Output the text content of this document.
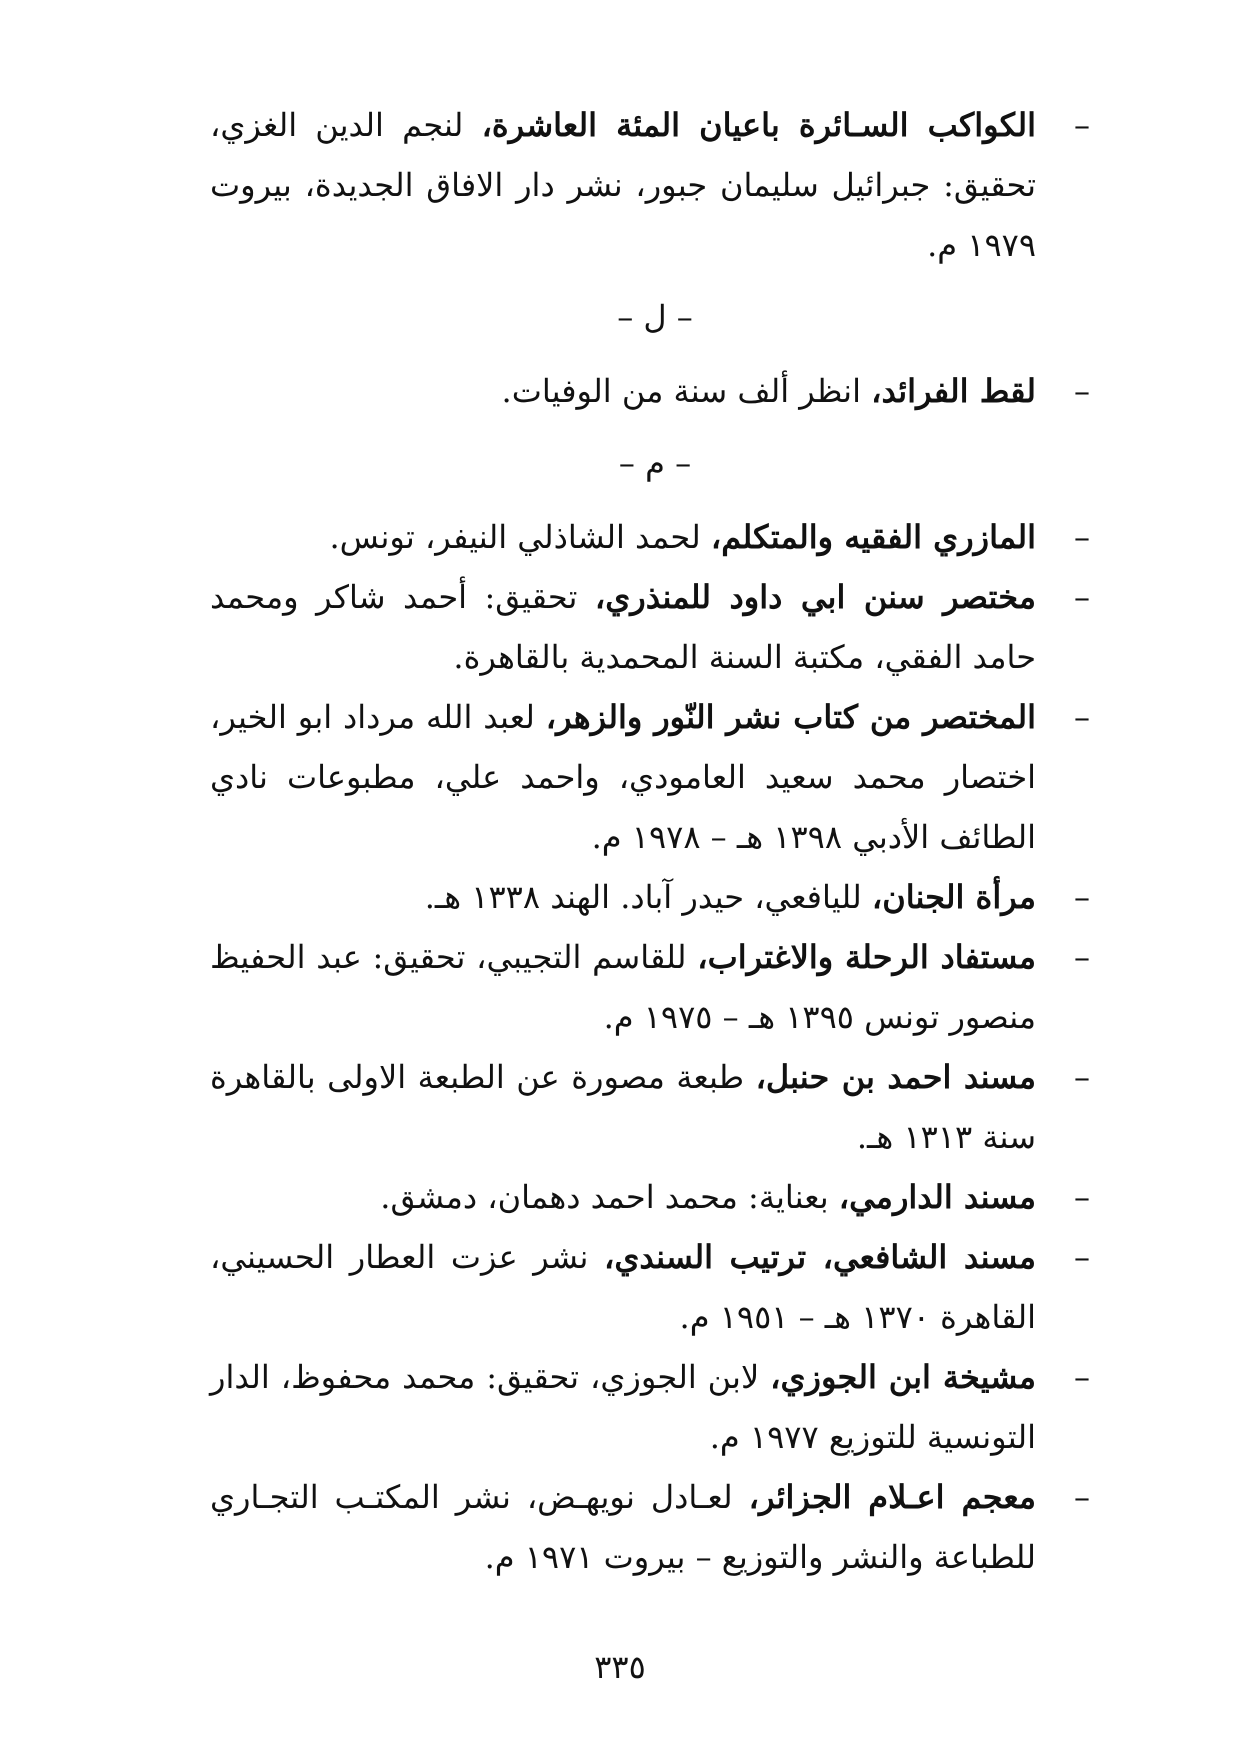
–
الكواكب السـائرة باعيان المئة العاشرة، لنجم الدين الغزي، تحقيق: جبرائيل سليمان جبور، نشر دار الافاق الجديدة، بيروت ١٩٧٩ م.

– ل –

–
لقط الفرائد، انظر ألف سنة من الوفيات.

– م –

–
المازري الفقيه والمتكلم، لحمد الشاذلي النيفر، تونس.

–
مختصر سنن ابي داود للمنذري، تحقيق: أحمد شاكر ومحمد حامد الفقي، مكتبة السنة المحمدية بالقاهرة.

–
المختصر من كتاب نشر النّور والزهر، لعبد الله مرداد ابو الخير، اختصار محمد سعيد العامودي، واحمد علي، مطبوعات نادي الطائف الأدبي ١٣٩٨ هـ – ١٩٧٨ م.

–
مرأة الجنان، لليافعي، حيدر آباد. الهند ١٣٣٨ هـ.

–
مستفاد الرحلة والاغتراب، للقاسم التجيبي، تحقيق: عبد الحفيظ منصور تونس ١٣٩٥ هـ – ١٩٧٥ م.

–
مسند احمد بن حنبل، طبعة مصورة عن الطبعة الاولى بالقاهرة سنة ١٣١٣ هـ.

–
مسند الدارمي، بعناية: محمد احمد دهمان، دمشق.

–
مسند الشافعي، ترتيب السندي، نشر عزت العطار الحسيني، القاهرة ١٣٧٠ هـ – ١٩٥١ م.

–
مشيخة ابن الجوزي، لابن الجوزي، تحقيق: محمد محفوظ، الدار التونسية للتوزيع ١٩٧٧ م.

–
معجم اعـلام الجزائر، لعـادل نويهـض، نشر المكتـب التجـاري للطباعة والنشر والتوزيع – بيروت ١٩٧١ م.

٣٣٥
